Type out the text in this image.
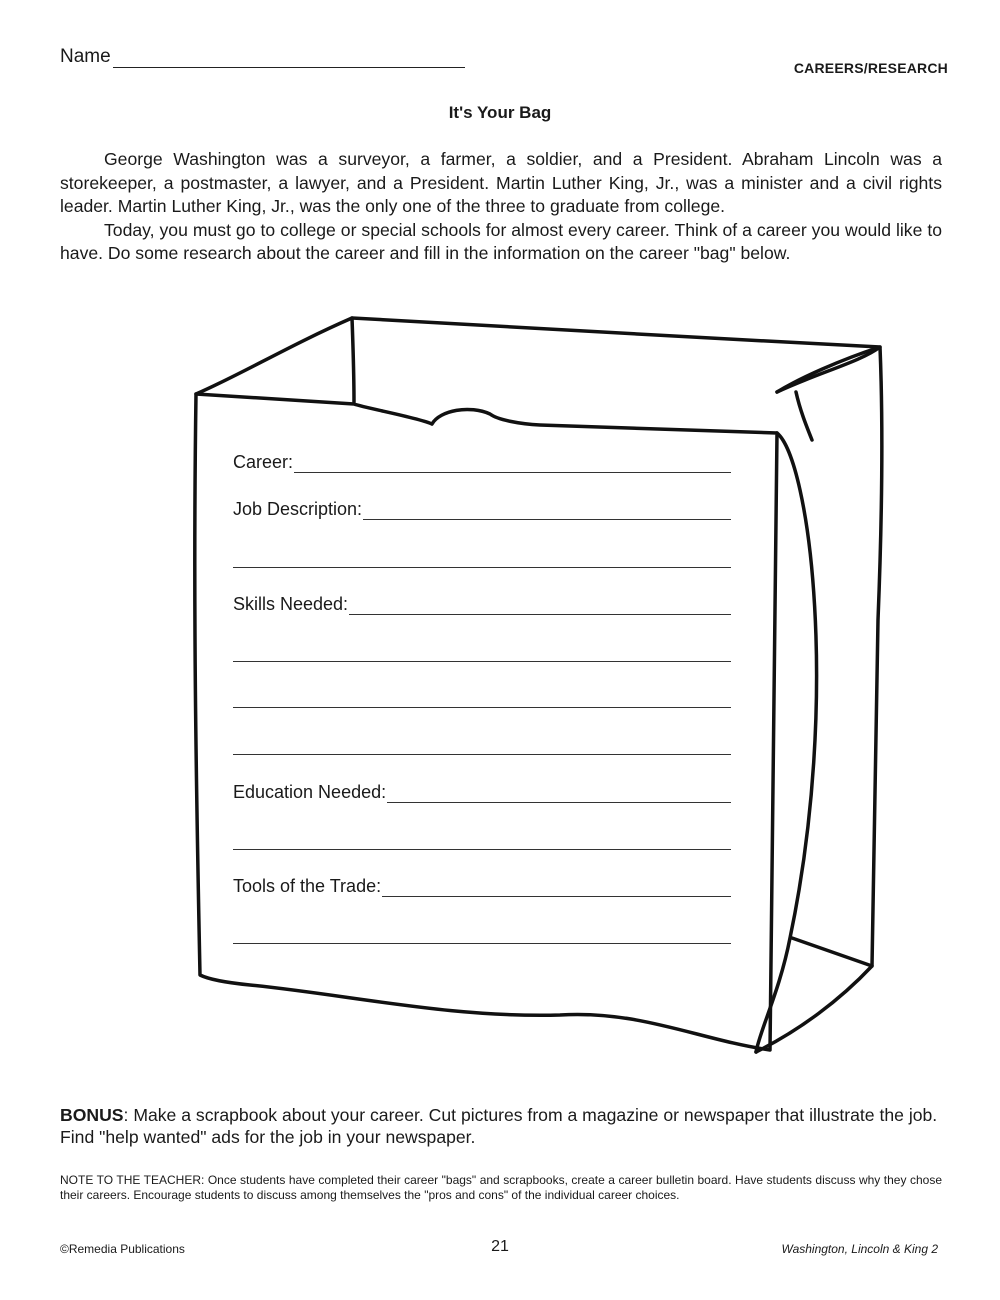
Name
CAREERS/RESEARCH
It's Your Bag

George Washington was a surveyor, a farmer, a soldier, and a President. Abraham Lincoln was a storekeeper, a postmaster, a lawyer, and a President. Martin Luther King, Jr., was a minister and a civil rights leader. Martin Luther King, Jr., was the only one of the three to graduate from college.

Today, you must go to college or special schools for almost every career. Think of a career you would like to have. Do some research about the career and fill in the information on the career "bag" below.

Career:
Job Description:
Skills Needed:
Education Needed:
Tools of the Trade:
BONUS: Make a scrapbook about your career. Cut pictures from a magazine or newspaper that illustrate the job. Find "help wanted" ads for the job in your newspaper.
NOTE TO THE TEACHER: Once students have completed their career "bags" and scrapbooks, create a career bulletin board. Have students discuss why they chose their careers. Encourage students to discuss among themselves the "pros and cons" of the individual career choices.
©Remedia Publications	21	Washington, Lincoln & King 2
